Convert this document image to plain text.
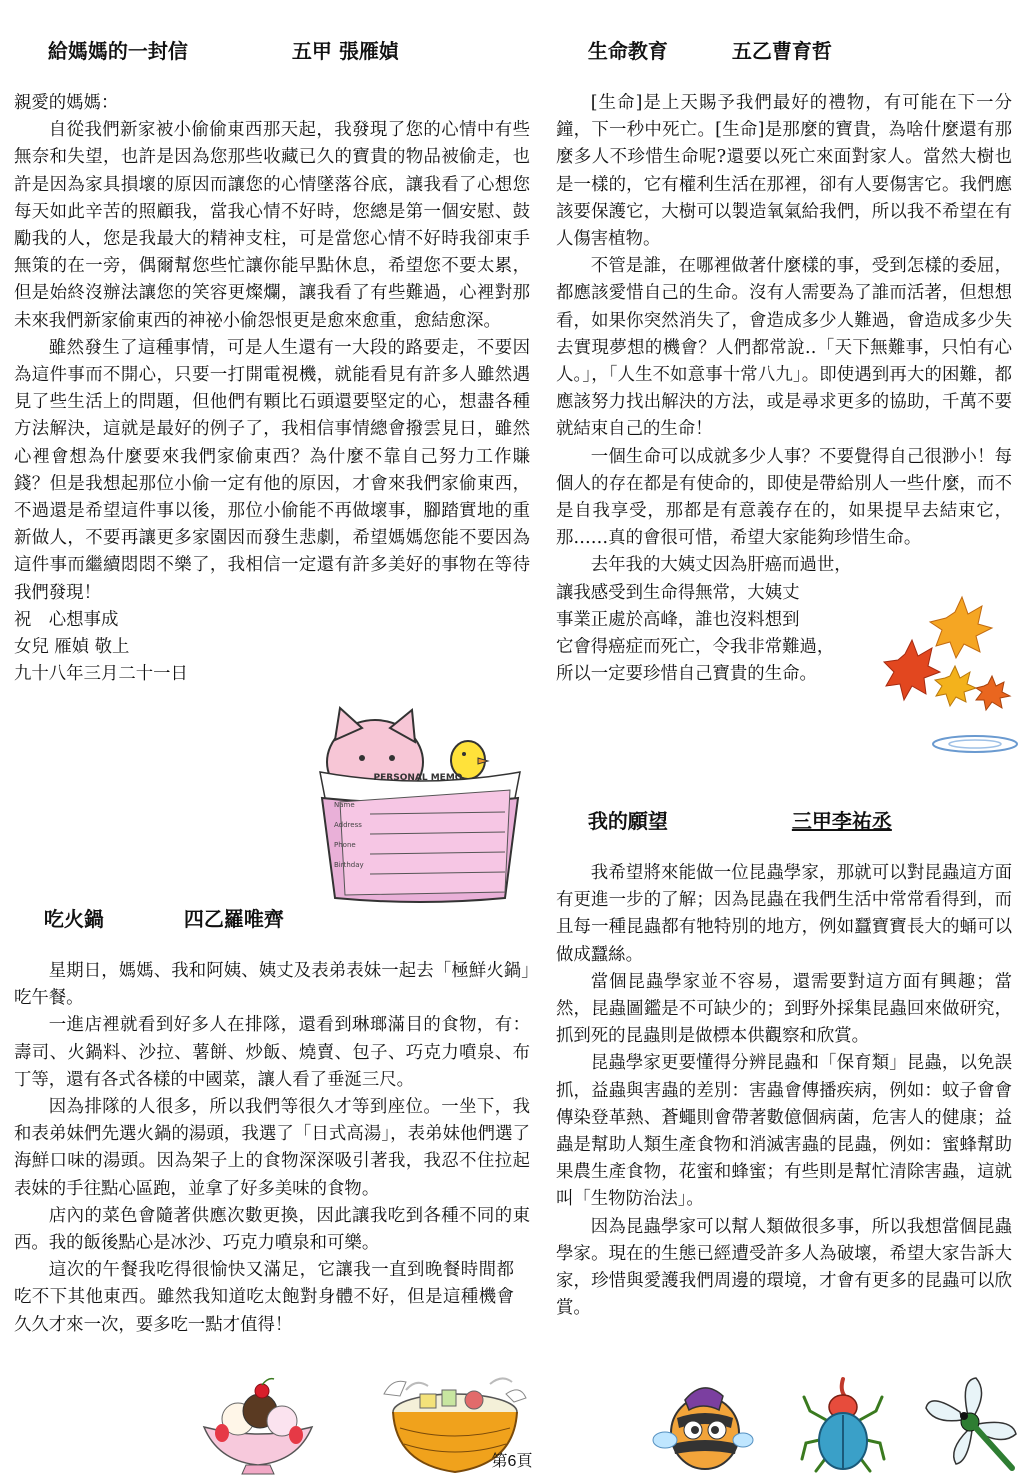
給媽媽的一封信	五甲 張雁媜

親愛的媽媽：

自從我們新家被小偷偷東西那天起，我發現了您的心情中有些無奈和失望，也許是因為您那些收藏已久的寶貴的物品被偷走，也許是因為家具損壞的原因而讓您的心情墜落谷底，讓我看了心想您每天如此辛苦的照顧我，當我心情不好時，您總是第一個安慰、鼓勵我的人，您是我最大的精神支柱，可是當您心情不好時我卻束手無策的在一旁，偶爾幫您些忙讓你能早點休息，希望您不要太累，但是始終沒辦法讓您的笑容更燦爛，讓我看了有些難過，心裡對那未來我們新家偷東西的神祕小偷怨恨更是愈來愈重，愈結愈深。

雖然發生了這種事情，可是人生還有一大段的路要走，不要因為這件事而不開心，只要一打開電視機，就能看見有許多人雖然遇見了些生活上的問題，但他們有顆比石頭還要堅定的心，想盡各種方法解決，這就是最好的例子了，我相信事情總會撥雲見日，雖然心裡會想為什麼要來我們家偷東西？為什麼不靠自己努力工作賺錢？但是我想起那位小偷一定有他的原因，才會來我們家偷東西，不過還是希望這件事以後，那位小偷能不再做壞事，腳踏實地的重新做人，不要再讓更多家園因而發生悲劇，希望媽媽您能不要因為這件事而繼續悶悶不樂了，我相信一定還有許多美好的事物在等待我們發現！

祝　心想事成

女兒 雁媜 敬上

九十八年三月二十一日

PERSONAL MEMO
Name
Address
Phone
Birthday

吃火鍋	四乙羅唯齊

星期日，媽媽、我和阿姨、姨丈及表弟表妹一起去「極鮮火鍋」吃午餐。

一進店裡就看到好多人在排隊，還看到琳瑯滿目的食物，有：壽司、火鍋料、沙拉、薯餅、炒飯、燒賣、包子、巧克力噴泉、布丁等，還有各式各樣的中國菜，讓人看了垂涎三尺。

因為排隊的人很多，所以我們等很久才等到座位。一坐下，我和表弟妹們先選火鍋的湯頭，我選了「日式高湯」，表弟妹他們選了海鮮口味的湯頭。因為架子上的食物深深吸引著我，我忍不住拉起表妹的手往點心區跑，並拿了好多美味的食物。

店內的菜色會隨著供應次數更換，因此讓我吃到各種不同的東西。我的飯後點心是冰沙、巧克力噴泉和可樂。

這次的午餐我吃得很愉快又滿足，它讓我一直到晚餐時間都吃不下其他東西。雖然我知道吃太飽對身體不好，但是這種機會久久才來一次，要多吃一點才值得！

生命教育	五乙曹育哲

[生命]是上天賜予我們最好的禮物，有可能在下一分鐘，下一秒中死亡。[生命]是那麼的寶貴，為啥什麼還有那麼多人不珍惜生命呢?還要以死亡來面對家人。當然大樹也是一樣的，它有權利生活在那裡，卻有人要傷害它。我們應該要保護它，大樹可以製造氧氣給我們，所以我不希望在有人傷害植物。

不管是誰，在哪裡做著什麼樣的事，受到怎樣的委屈，都應該愛惜自己的生命。沒有人需要為了誰而活著，但想想看，如果你突然消失了，會造成多少人難過，會造成多少失去實現夢想的機會？人們都常說‥「天下無難事，只怕有心人。」，「人生不如意事十常八九」。即使遇到再大的困難，都應該努力找出解決的方法，或是尋求更多的協助，千萬不要就結束自己的生命！

一個生命可以成就多少人事？不要覺得自己很渺小！每個人的存在都是有使命的，即使是帶給別人一些什麼，而不是自我享受，那都是有意義存在的，如果提早去結束它，那……真的會很可惜，希望大家能夠珍惜生命。

去年我的大姨丈因為肝癌而過世，

讓我感受到生命得無常，大姨丈

事業正處於高峰，誰也沒料想到

它會得癌症而死亡，令我非常難過，

所以一定要珍惜自己寶貴的生命。

我的願望	三甲李祐丞

我希望將來能做一位昆蟲學家，那就可以對昆蟲這方面有更進一步的了解；因為昆蟲在我們生活中常常看得到，而且每一種昆蟲都有牠特別的地方，例如蠶寶寶長大的蛹可以做成蠶絲。

當個昆蟲學家並不容易，還需要對這方面有興趣；當然，昆蟲圖鑑是不可缺少的；到野外採集昆蟲回來做研究，抓到死的昆蟲則是做標本供觀察和欣賞。

昆蟲學家更要懂得分辨昆蟲和「保育類」昆蟲，以免誤抓，益蟲與害蟲的差別：害蟲會傳播疾病，例如：蚊子會會傳染登革熱、蒼蠅則會帶著數億個病菌，危害人的健康；益蟲是幫助人類生產食物和消滅害蟲的昆蟲，例如：蜜蜂幫助果農生產食物，花蜜和蜂蜜；有些則是幫忙清除害蟲，這就叫「生物防治法」。

因為昆蟲學家可以幫人類做很多事，所以我想當個昆蟲學家。現在的生態已經遭受許多人為破壞，希望大家告訴大家，珍惜與愛護我們周邊的環境，才會有更多的昆蟲可以欣賞。

第6頁
